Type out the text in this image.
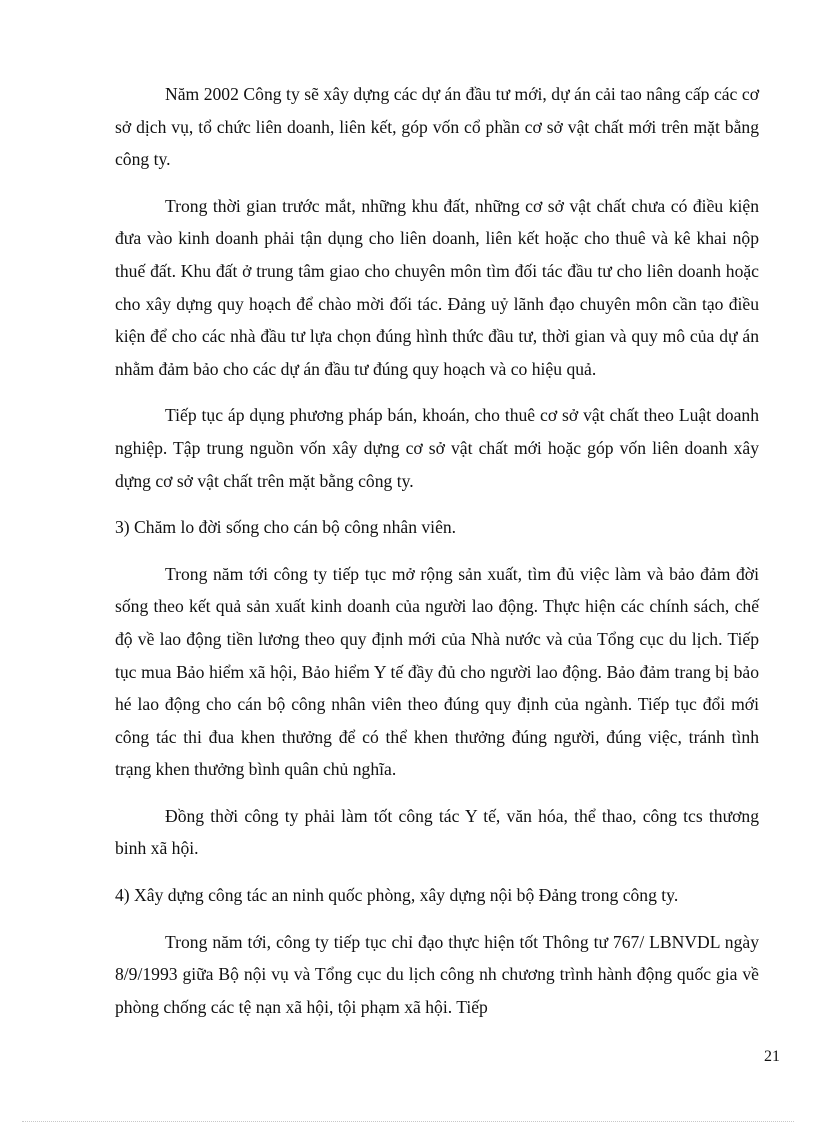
Năm 2002 Công ty sẽ xây dựng các dự án đầu tư mới, dự án cải tao nâng cấp các cơ sở dịch vụ, tổ chức liên doanh, liên kết, góp vốn cổ phần cơ sở vật chất mới trên mặt bằng công ty.

Trong thời gian trước mắt, những khu đất, những cơ sở vật chất chưa có điều kiện đưa vào kinh doanh phải tận dụng cho liên doanh, liên kết hoặc cho thuê và kê khai nộp thuế đất. Khu đất ở trung tâm giao cho chuyên môn tìm đối tác đầu tư cho liên doanh hoặc cho xây dựng quy hoạch để chào mời đối tác. Đảng uỷ lãnh đạo chuyên môn cần tạo điều kiện để cho các nhà đầu tư lựa chọn đúng hình thức đầu tư, thời gian và quy mô của dự án nhằm đảm bảo cho các dự án đầu tư đúng quy hoạch và co hiệu quả.

Tiếp tục áp dụng phương pháp bán, khoán, cho thuê cơ sở vật chất theo Luật doanh nghiệp. Tập trung nguồn vốn xây dựng cơ sở vật chất mới hoặc góp vốn liên doanh xây dựng cơ sở vật chất trên mặt bằng công ty.

3) Chăm lo đời sống cho cán bộ công nhân viên.

Trong năm tới công ty tiếp tục mở rộng sản xuất, tìm đủ việc làm và bảo đảm đời sống theo kết quả sản xuất kinh doanh của người lao động. Thực hiện các chính sách, chế độ về lao động tiền lương theo quy định mới của Nhà nước và của Tổng cục du lịch. Tiếp tục mua Bảo hiểm xã hội, Bảo hiểm Y tế đầy đủ cho người lao động. Bảo đảm trang bị bảo hé lao động cho cán bộ công nhân viên theo đúng quy định của ngành. Tiếp tục đổi mới công tác thi đua khen thưởng để có thể khen thưởng đúng người, đúng việc, tránh tình trạng khen thưởng bình quân chủ nghĩa.

Đồng thời công ty phải làm tốt công tác Y tế, văn hóa, thể thao, công tcs thương binh xã hội.

4) Xây dựng công tác an ninh quốc phòng, xây dựng nội bộ Đảng trong công ty.

Trong năm tới, công ty tiếp tục chỉ đạo thực hiện tốt Thông tư 767/ LBNVDL ngày 8/9/1993 giữa Bộ nội vụ và Tổng cục du lịch công nh chương trình hành động quốc gia về phòng chống các tệ nạn xã hội, tội phạm xã hội. Tiếp

21
